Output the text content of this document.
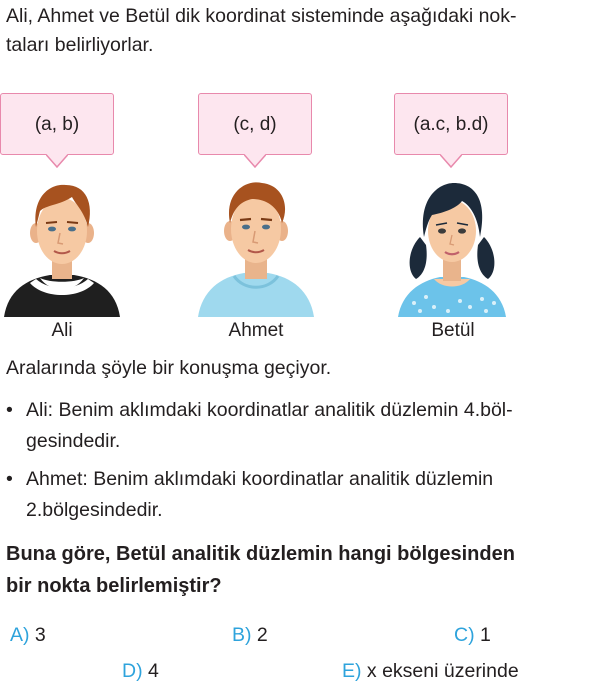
Ali, Ahmet ve Betül dik koordinat sisteminde aşağıdaki nok-
taları belirliyorlar.
(a, b)	(c, d)	(a.c, b.d)
Ali	Ahmet	Betül
Aralarında şöyle bir konuşma geçiyor.
• Ali: Benim aklımdaki koordinatlar analitik düzlemin 4.böl-
gesindedir.
• Ahmet: Benim aklımdaki koordinatlar analitik düzlemin
2.bölgesindedir.
Buna göre, Betül analitik düzlemin hangi bölgesinden
bir nokta belirlemiştir?
A) 3	B) 2	C) 1
D) 4	E) x ekseni üzerinde
